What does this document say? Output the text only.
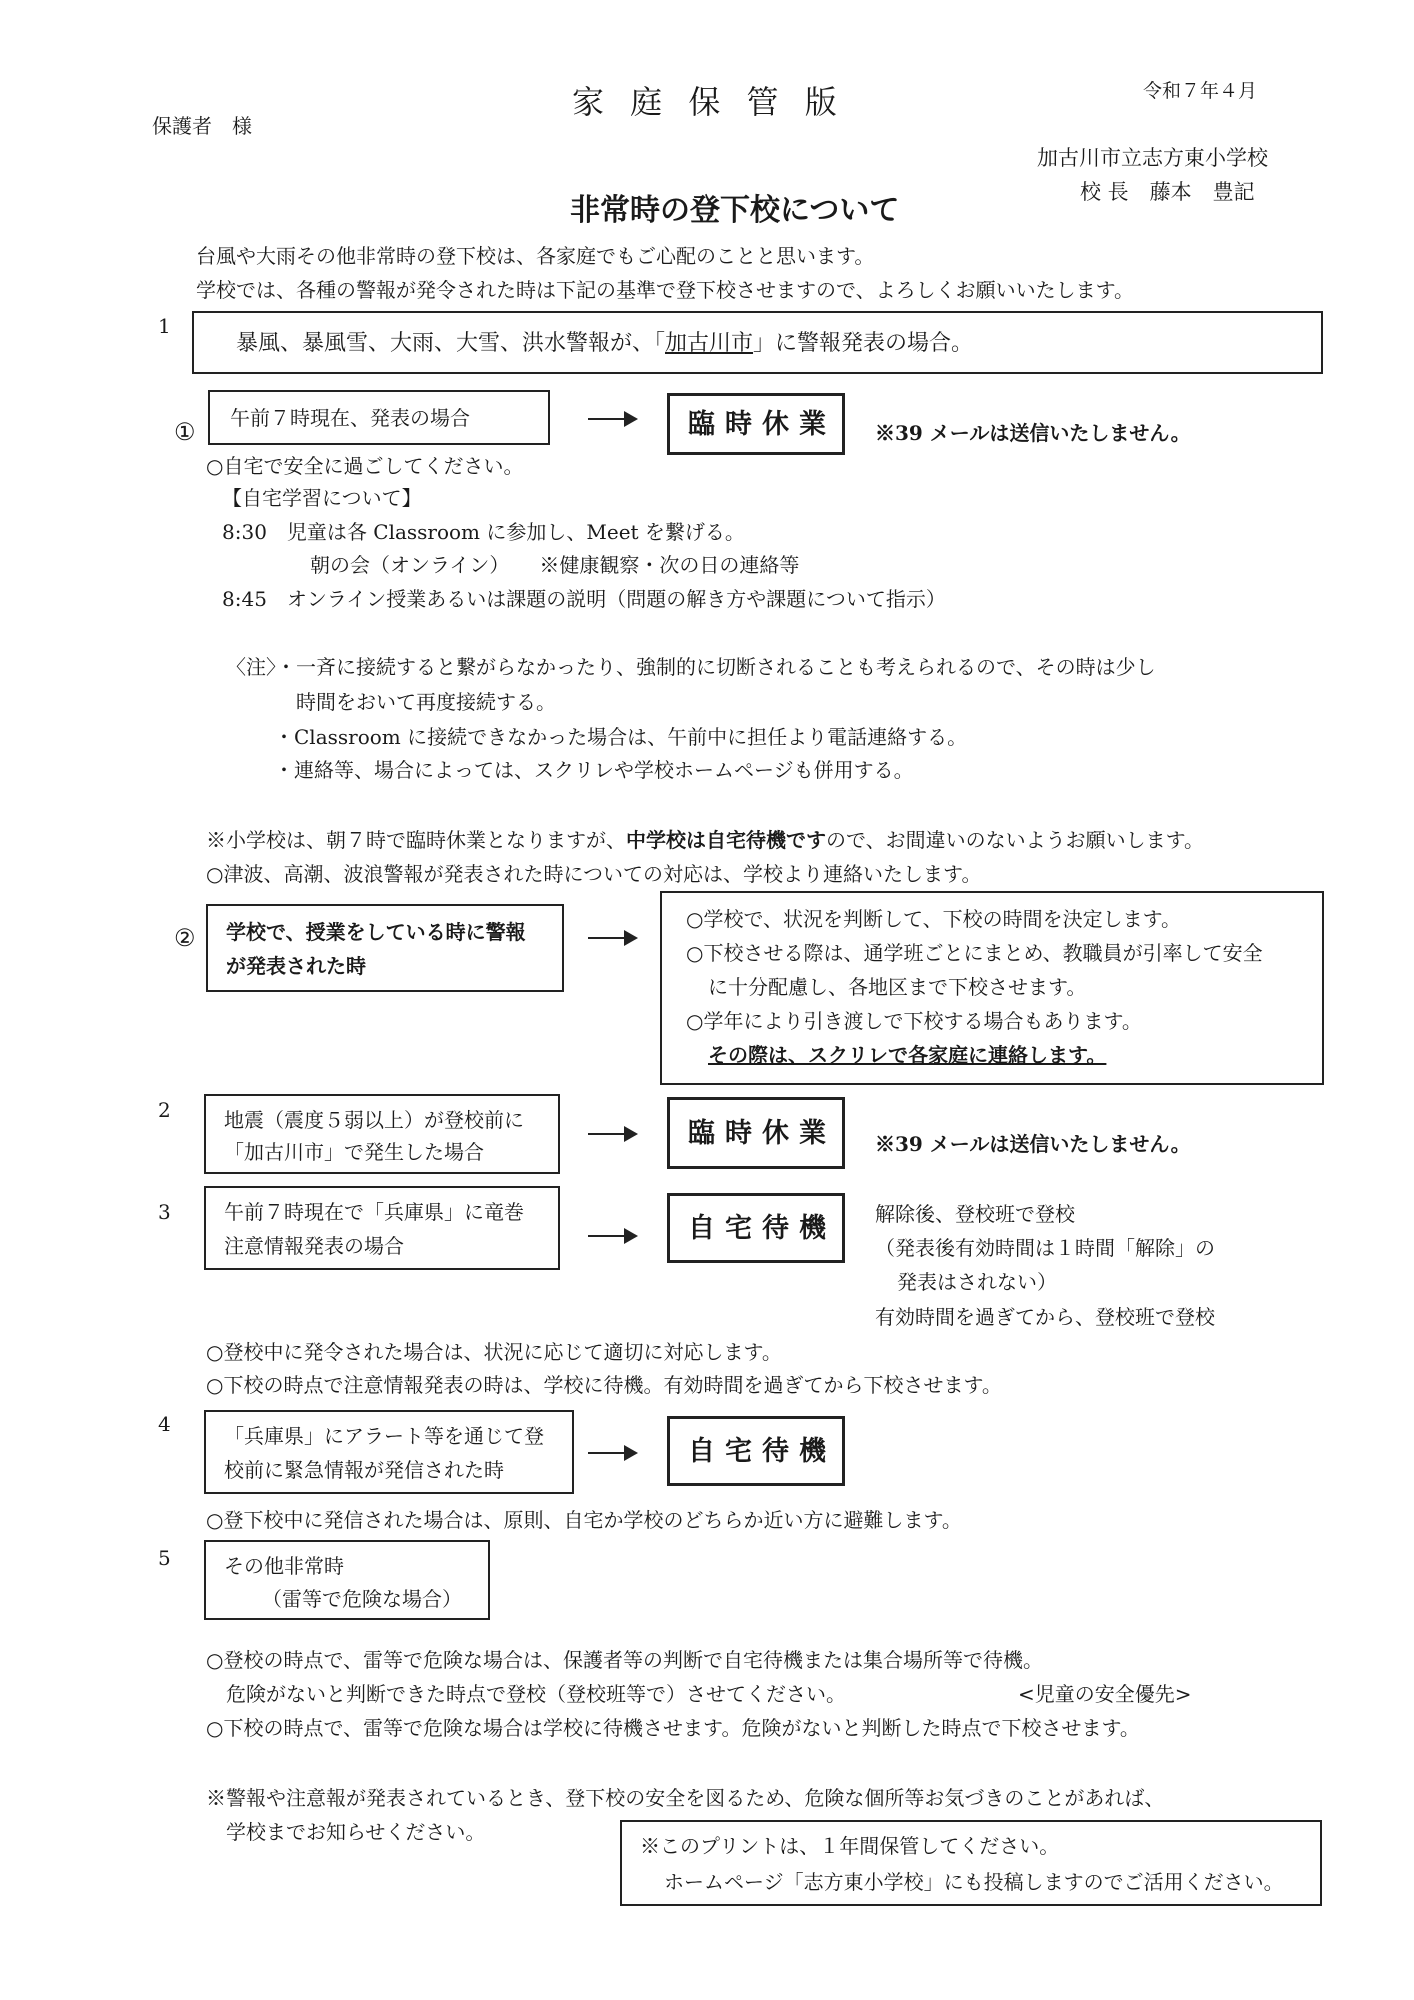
保護者　様
家 庭 保 管 版	令和７年４月
加古川市立志方東小学校
校 長　藤本　豊記
非常時の登下校について
台風や大雨その他非常時の登下校は、各家庭でもご心配のことと思います。
学校では、各種の警報が発令された時は下記の基準で登下校させますので、よろしくお願いいたします。
1
暴風、暴風雪、大雨、大雪、洪水警報が、「加古川市」に警報発表の場合。
① 午前７時現在、発表の場合	臨時休業 ※39 メールは送信いたしません。
○自宅で安全に過ごしてください。
【自宅学習について】
8:30　児童は各 Classroom に参加し、Meet を繋げる。
朝の会（オンライン）　　※健康観察・次の日の連絡等
8:45　オンライン授業あるいは課題の説明（問題の解き方や課題について指示）
〈注〉・一斉に接続すると繋がらなかったり、強制的に切断されることも考えられるので、その時は少し
時間をおいて再度接続する。
・Classroom に接続できなかった場合は、午前中に担任より電話連絡する。
・連絡等、場合によっては、スクリレや学校ホームページも併用する。
※小学校は、朝７時で臨時休業となりますが、中学校は自宅待機ですので、お間違いのないようお願いします。
○津波、高潮、波浪警報が発表された時についての対応は、学校より連絡いたします。
② 学校で、授業をしている時に警報
が発表された時
○学校で、状況を判断して、下校の時間を決定します。
○下校させる際は、通学班ごとにまとめ、教職員が引率して安全
に十分配慮し、各地区まで下校させます。
○学年により引き渡しで下校する場合もあります。
その際は、スクリレで各家庭に連絡します。
2	地震（震度５弱以上）が登校前に
「加古川市」で発生した場合
臨時休業 ※39 メールは送信いたしません。
3	午前７時現在で「兵庫県」に竜巻
注意情報発表の場合
自宅待機 解除後、登校班で登校
（発表後有効時間は１時間「解除」の
発表はされない）
有効時間を過ぎてから、登校班で登校
○登校中に発令された場合は、状況に応じて適切に対応します。
○下校の時点で注意情報発表の時は、学校に待機。有効時間を過ぎてから下校させます。
4	「兵庫県」にアラート等を通じて登
校前に緊急情報が発信された時
自宅待機
○登下校中に発信された場合は、原則、自宅か学校のどちらか近い方に避難します。
5	その他非常時
（雷等で危険な場合）
○登校の時点で、雷等で危険な場合は、保護者等の判断で自宅待機または集合場所等で待機。
危険がないと判断できた時点で登校（登校班等で）させてください。	<児童の安全優先>
○下校の時点で、雷等で危険な場合は学校に待機させます。危険がないと判断した時点で下校させます。
※警報や注意報が発表されているとき、登下校の安全を図るため、危険な個所等お気づきのことがあれば、
学校までお知らせください。
※このプリントは、１年間保管してください。
ホームページ「志方東小学校」にも投稿しますのでご活用ください。
